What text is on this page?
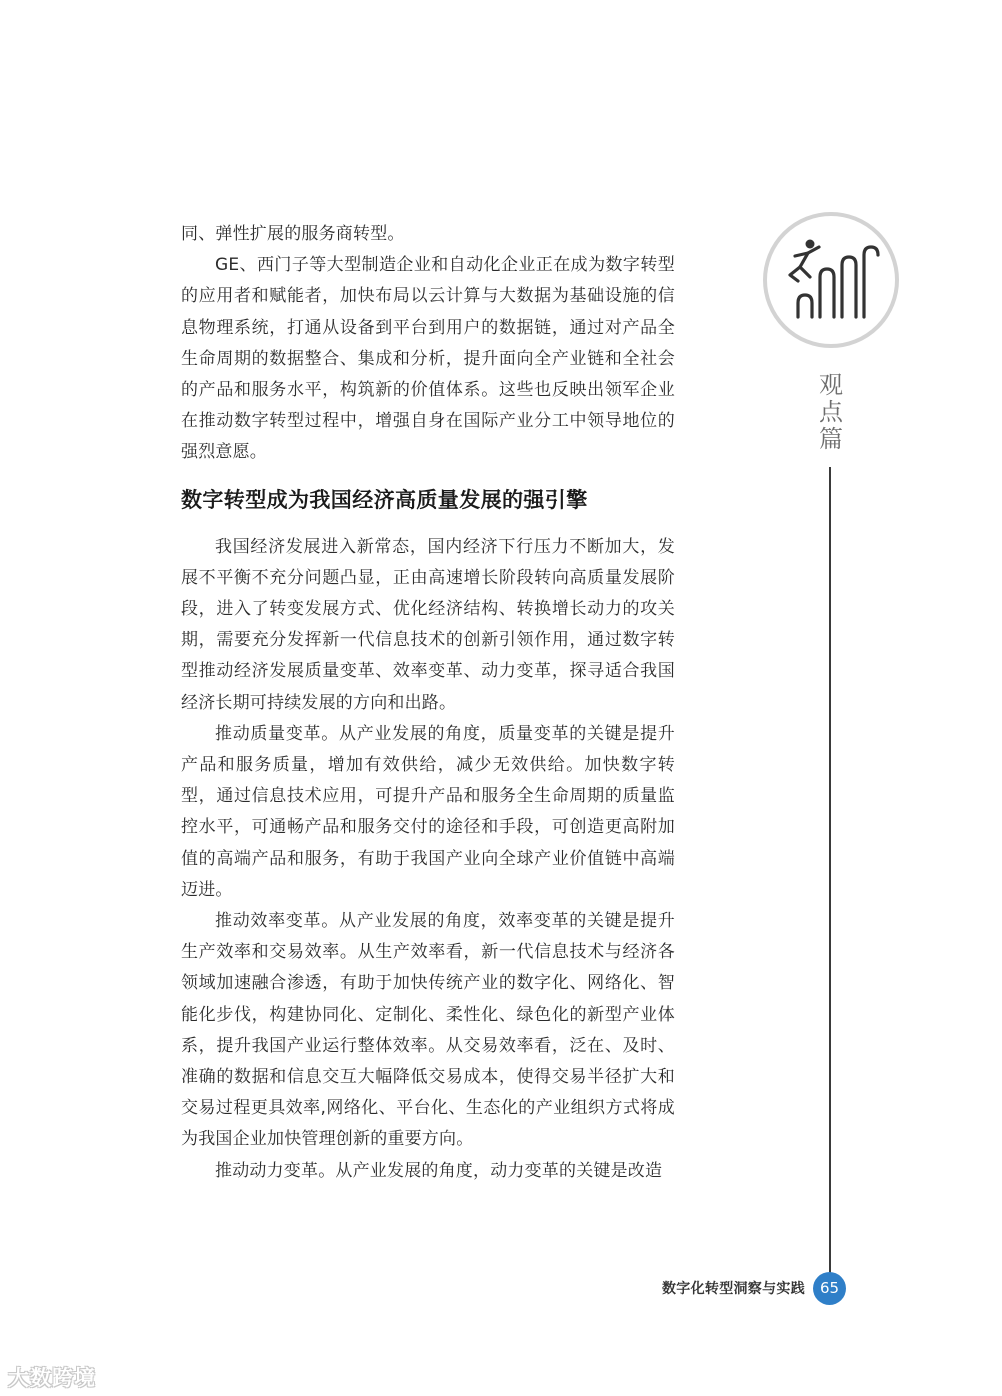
同、弹性扩展的服务商转型。

GE、西门子等大型制造企业和自动化企业正在成为数字转型的应用者和赋能者，加快布局以云计算与大数据为基础设施的信息物理系统，打通从设备到平台到用户的数据链，通过对产品全生命周期的数据整合、集成和分析，提升面向全产业链和全社会的产品和服务水平，构筑新的价值体系。这些也反映出领军企业在推动数字转型过程中，增强自身在国际产业分工中领导地位的强烈意愿。

数字转型成为我国经济高质量发展的强引擎

我国经济发展进入新常态，国内经济下行压力不断加大，发展不平衡不充分问题凸显，正由高速增长阶段转向高质量发展阶段，进入了转变发展方式、优化经济结构、转换增长动力的攻关期，需要充分发挥新一代信息技术的创新引领作用，通过数字转型推动经济发展质量变革、效率变革、动力变革，探寻适合我国经济长期可持续发展的方向和出路。

推动质量变革。从产业发展的角度，质量变革的关键是提升产品和服务质量，增加有效供给，减少无效供给。加快数字转型，通过信息技术应用，可提升产品和服务全生命周期的质量监控水平，可通畅产品和服务交付的途径和手段，可创造更高附加值的高端产品和服务，有助于我国产业向全球产业价值链中高端迈进。

推动效率变革。从产业发展的角度，效率变革的关键是提升生产效率和交易效率。从生产效率看，新一代信息技术与经济各领域加速融合渗透，有助于加快传统产业的数字化、网络化、智能化步伐，构建协同化、定制化、柔性化、绿色化的新型产业体系，提升我国产业运行整体效率。从交易效率看，泛在、及时、准确的数据和信息交互大幅降低交易成本，使得交易半径扩大和交易过程更具效率,网络化、平台化、生态化的产业组织方式将成为我国企业加快管理创新的重要方向。

推动动力变革。从产业发展的角度，动力变革的关键是改造

观
点
篇
数字化转型洞察与实践 65
大数跨境
